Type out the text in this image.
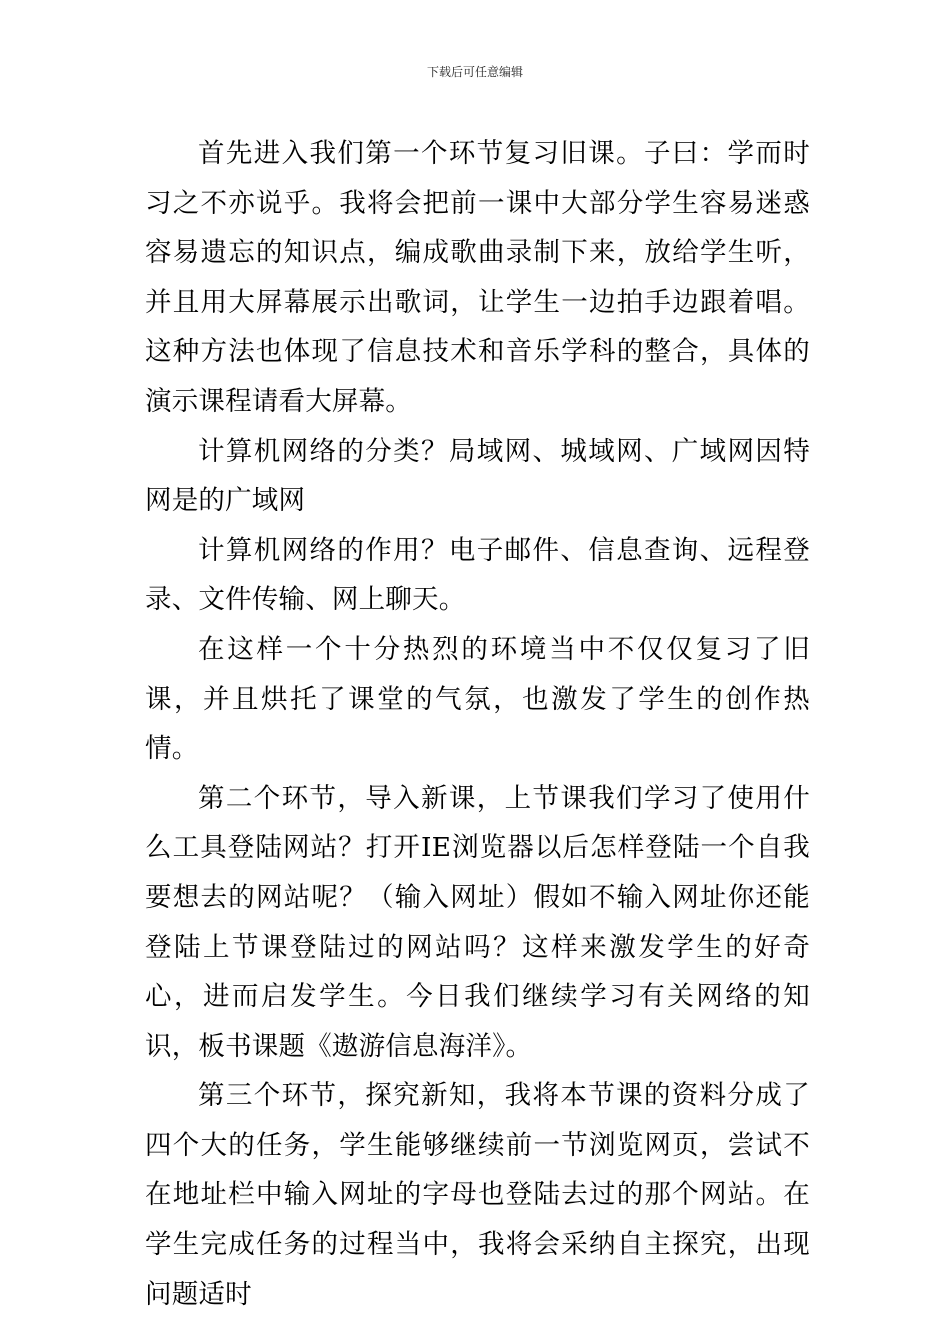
下载后可任意编辑

首先进入我们第一个环节复习旧课。子曰：学而时习之不亦说乎。我将会把前一课中大部分学生容易迷惑容易遗忘的知识点，编成歌曲录制下来，放给学生听，并且用大屏幕展示出歌词，让学生一边拍手边跟着唱。这种方法也体现了信息技术和音乐学科的整合，具体的演示课程请看大屏幕。

计算机网络的分类？局域网、城域网、广域网因特网是的广域网

计算机网络的作用？电子邮件、信息查询、远程登录、文件传输、网上聊天。

在这样一个十分热烈的环境当中不仅仅复习了旧课，并且烘托了课堂的气氛，也激发了学生的创作热情。

第二个环节，导入新课，上节课我们学习了使用什么工具登陆网站？打开IE浏览器以后怎样登陆一个自我要想去的网站呢？（输入网址）假如不输入网址你还能登陆上节课登陆过的网站吗？这样来激发学生的好奇心，进而启发学生。今日我们继续学习有关网络的知识，板书课题《遨游信息海洋》。

第三个环节，探究新知，我将本节课的资料分成了四个大的任务，学生能够继续前一节浏览网页，尝试不在地址栏中输入网址的字母也登陆去过的那个网站。在学生完成任务的过程当中，我将会采纳自主探究，出现问题适时
